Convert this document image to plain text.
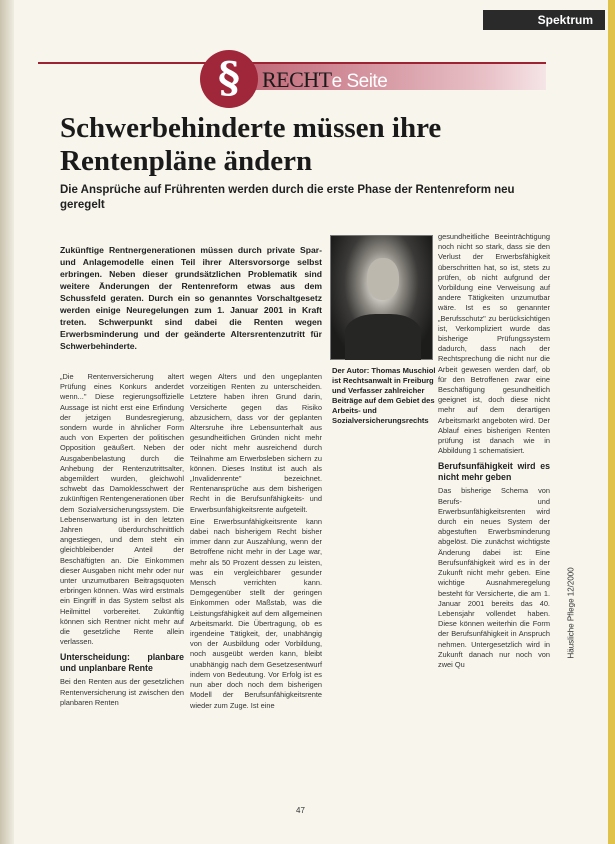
Spektrum
§	RECHTe Seite
Schwerbehinderte müssen ihre Rentenpläne ändern
Die Ansprüche auf Frührenten werden durch die erste Phase der Rentenreform neu geregelt
Zukünftige Rentnergenerationen müssen durch private Spar- und Anlagemodelle einen Teil ihrer Altersvorsorge selbst erbringen. Neben dieser grundsätzlichen Problematik sind weitere Änderungen der Rentenreform etwas aus dem Schussfeld geraten. Durch ein so genanntes Vorschaltgesetz werden einige Neuregelungen zum 1. Januar 2001 in Kraft treten. Schwerpunkt sind dabei die Renten wegen Erwerbsminderung und der geänderte Altersrentenzutritt für Schwerbehinderte.
Der Autor: Thomas Muschiol ist Rechtsanwalt in Freiburg und Verfasser zahlreicher Beiträge auf dem Gebiet des Arbeits- und Sozialversicherungsrechts
„Die Rentenversicherung altert Prüfung eines Konkurs anderdet wenn..." Diese regierungsoffizielle Aussage ist nicht erst eine Erfindung der jetzigen Bundesregierung, sondern wurde in ähnlicher Form auch von Experten der politischen Opposition geäußert. Neben der Ausgabenbelastung durch die Anhebung der Rentenzutrittsalter, abgemildert wurden, gleichwohl schwebt das Damoklesschwert der zukünftigen Rentengenerationen über dem Sozialversicherungssystem. Die Lebenserwartung ist in den letzten Jahren überdurchschnittlich angestiegen, und dem steht ein gleichbleibender Anteil der Beschäftigten an. Die Einkommen dieser Ausgaben nicht mehr oder nur unter unzumutbaren Beitragsquoten erbringen können. Was wird erstmals ein Eingriff in das System selbst als Heilmittel vorbereitet. Zukünftig können sich Rentner nicht mehr auf die gesetzliche Rente allein verlassen.
Unterscheidung: planbare und unplanbare Rente
Bei den Renten aus der gesetzlichen Rentenversicherung ist zwischen den planbaren Renten
wegen Alters und den ungeplanten vorzeitigen Renten zu unterscheiden. Letztere haben ihren Grund darin, Versicherte gegen das Risiko abzusichern, dass vor der geplanten Altersruhe ihre Lebensunterhalt aus gesundheitlichen Gründen nicht mehr oder nicht mehr ausreichend durch Teilnahme am Erwerbsleben sichern zu können. Dieses Institut ist auch als „Invalidenrente" bezeichnet. Rentenansprüche aus dem bisherigen Recht in die Berufsunfähigkeits- und Erwerbsunfähigkeitsrente aufgeteilt.
Eine Erwerbsunfähigkeitsrente kann dabei nach bisherigem Recht bisher immer dann zur Auszahlung, wenn der Betroffene nicht mehr in der Lage war, mehr als 50 Prozent dessen zu leisten, was ein vergleichbarer gesunder Mensch verrichten kann. Demgegenüber stellt der geringen Einkommen oder Maßstab, was die Leistungsfähigkeit auf dem allgemeinen Arbeitsmarkt. Die Übertragung, ob es irgendeine Tätigkeit, der, unabhängig von der Ausbildung oder Vorbildung, noch ausgeübt werden kann, bleibt unabhängig nach dem Gesetzesentwurf indem von Bedeutung. Vor Erfolg ist es nun aber doch noch dem bisherigen Modell der Berufsunfähigkeitsrente wieder zum Zuge. Ist eine
gesundheitliche Beeinträchtigung noch nicht so stark, dass sie den Verlust der Erwerbsfähigkeit überschritten hat, so ist, stets zu prüfen, ob nicht aufgrund der Vorbildung eine Verweisung auf andere Tätigkeiten unzumutbar wäre. Ist es so genannter „Berufsschutz" zu berücksichtigen ist, Verkompliziert wurde das bisherige Prüfungssystem dadurch, dass nach der Rechtsprechung die nicht nur die Arbeit gewesen werden darf, ob für den Betroffenen zwar eine Beschäftigung gesundheitlich geeignet ist, doch diese nicht mehr auf dem derartigen Arbeitsmarkt angeboten wird. Der Ablauf eines bisherigen Renten prüfung ist danach wie in Abbildung 1 schematisiert.
Berufsunfähigkeit wird es nicht mehr geben
Das bisherige Schema von Berufs- und Erwerbsunfähigkeitsrenten wird durch ein neues System der abgestuften Erwerbsminderung abgelöst. Die zunächst wichtigste Änderung dabei ist: Eine Berufsunfähigkeit wird es in der Zukunft nicht mehr geben. Eine wichtige Ausnahmeregelung besteht für Versicherte, die am 1. Januar 2001 bereits das 40. Lebensjahr vollendet haben. Diese können weiterhin die Form der Berufsunfähigkeit in Anspruch nehmen. Untergesetzlich wird in Zukunft danach nur noch von zwei Qu
Häusliche Pflege 12/2000
47
